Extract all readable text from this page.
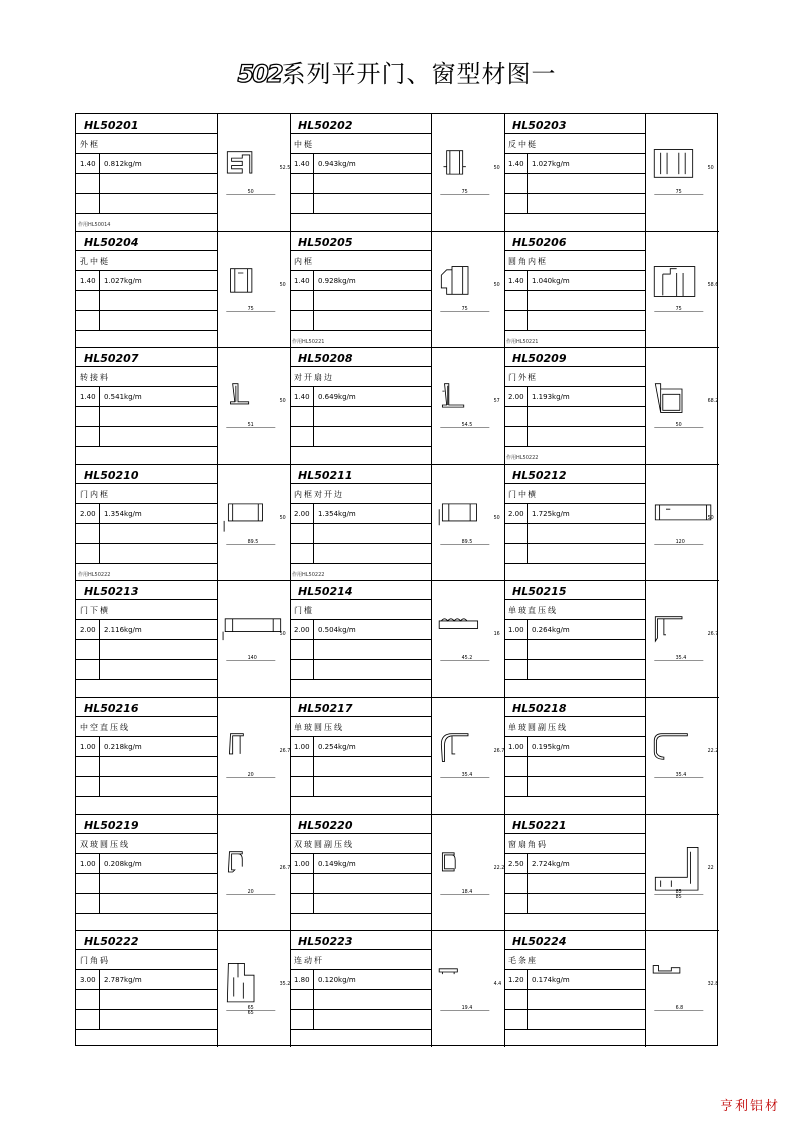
502系列平开门、窗型材图一
HL50201
外框
1.40 0.812kg/m
作用HL50014
50
52.5
HL50202
中梃
1.40 0.943kg/m
75
50
HL50203
反中梃
1.40 1.027kg/m
75
50
HL50204
孔中梃
1.40 1.027kg/m
75
50
HL50205
内框
1.40 0.928kg/m
作用HL50221
75
50
HL50206
圆角内框
1.40 1.040kg/m
作用HL50221
75
58.6
HL50207
转接料
1.40 0.541kg/m
51
50
HL50208
对开扇边
1.40 0.649kg/m
54.5
57
HL50209
门外框
2.00 1.193kg/m
作用HL50222
50
68.2
HL50210
门内框
2.00 1.354kg/m
作用HL50222
89.5
50
HL50211
内框对开边
2.00 1.354kg/m
作用HL50222
89.5
50
HL50212
门中横
2.00 1.725kg/m
120
50
HL50213
门下横
2.00 2.116kg/m
140
50
HL50214
门槛
2.00 0.504kg/m
45.2
16
HL50215
单玻直压线
1.00 0.264kg/m
35.4
26.7
HL50216
中空直压线
1.00 0.218kg/m
20
26.7
HL50217
单玻圆压线
1.00 0.254kg/m
35.4
26.7
HL50218
单玻圆副压线
1.00 0.195kg/m
35.4
22.2
HL50219
双玻圆压线
1.00 0.208kg/m
20
26.7
HL50220
双玻圆副压线
1.00 0.149kg/m
18.4
22.2
HL50221
窗扇角码
2.50 2.724kg/m
85
22
85
HL50222
门角码
3.00 2.787kg/m
65
35.2
65
HL50223
连动杆
1.80 0.120kg/m
19.4
4.4
HL50224
毛条座
1.20 0.174kg/m
6.8
32.8
亨利铝材
